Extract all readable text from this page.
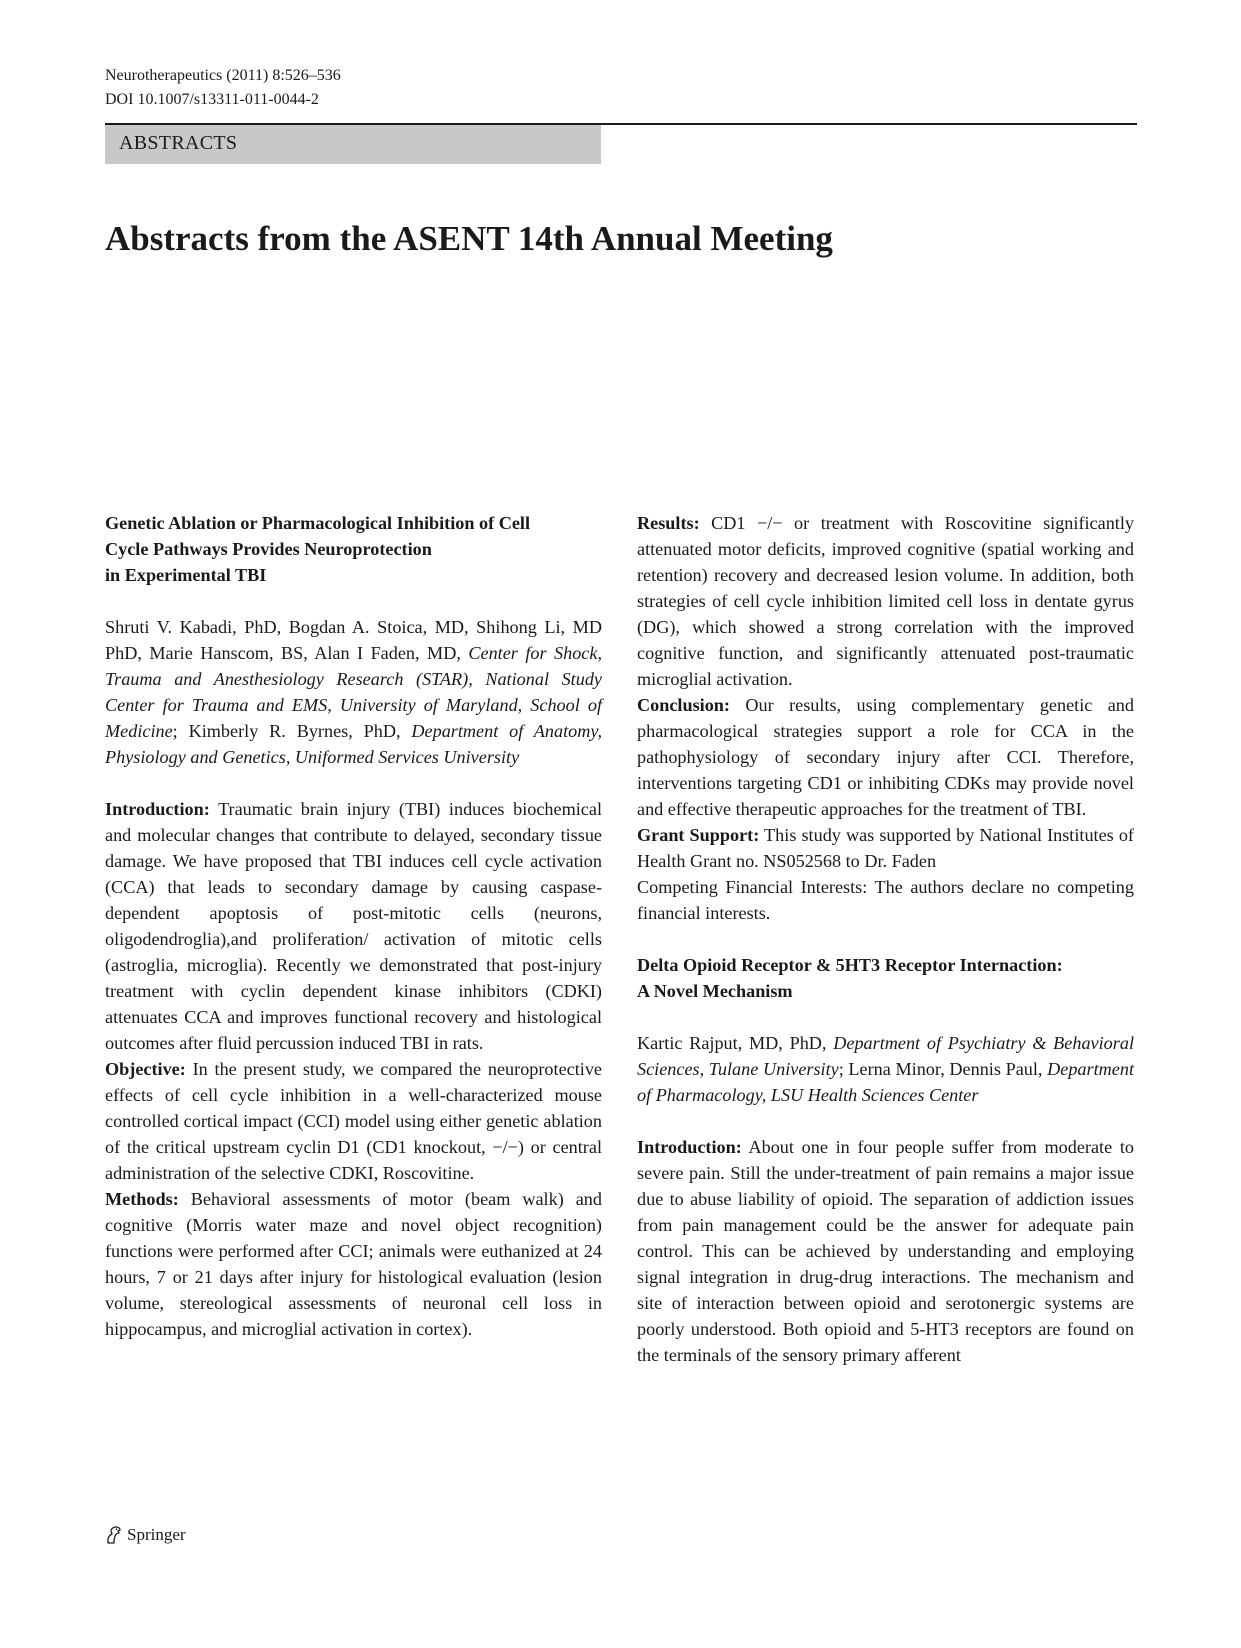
Neurotherapeutics (2011) 8:526–536
DOI 10.1007/s13311-011-0044-2
ABSTRACTS
Abstracts from the ASENT 14th Annual Meeting

Genetic Ablation or Pharmacological Inhibition of Cell
Cycle Pathways Provides Neuroprotection
in Experimental TBI

Shruti V. Kabadi, PhD, Bogdan A. Stoica, MD, Shihong Li, MD PhD, Marie Hanscom, BS, Alan I Faden, MD, Center for Shock, Trauma and Anesthesiology Research (STAR), National Study Center for Trauma and EMS, University of Maryland, School of Medicine; Kimberly R. Byrnes, PhD, Department of Anatomy, Physiology and Genetics, Uniformed Services University

Introduction: Traumatic brain injury (TBI) induces biochemical and molecular changes that contribute to delayed, secondary tissue damage. We have proposed that TBI induces cell cycle activation (CCA) that leads to secondary damage by causing caspase-dependent apoptosis of post-mitotic cells (neurons, oligodendroglia),and proliferation/ activation of mitotic cells (astroglia, microglia). Recently we demonstrated that post-injury treatment with cyclin dependent kinase inhibitors (CDKI) attenuates CCA and improves functional recovery and histological outcomes after fluid percussion induced TBI in rats.

Objective: In the present study, we compared the neuroprotective effects of cell cycle inhibition in a well-characterized mouse controlled cortical impact (CCI) model using either genetic ablation of the critical upstream cyclin D1 (CD1 knockout, −/−) or central administration of the selective CDKI, Roscovitine.

Methods: Behavioral assessments of motor (beam walk) and cognitive (Morris water maze and novel object recognition) functions were performed after CCI; animals were euthanized at 24 hours, 7 or 21 days after injury for histological evaluation (lesion volume, stereological assessments of neuronal cell loss in hippocampus, and microglial activation in cortex).

Results: CD1 −/− or treatment with Roscovitine significantly attenuated motor deficits, improved cognitive (spatial working and retention) recovery and decreased lesion volume. In addition, both strategies of cell cycle inhibition limited cell loss in dentate gyrus (DG), which showed a strong correlation with the improved cognitive function, and significantly attenuated post-traumatic microglial activation.

Conclusion: Our results, using complementary genetic and pharmacological strategies support a role for CCA in the pathophysiology of secondary injury after CCI. Therefore, interventions targeting CD1 or inhibiting CDKs may provide novel and effective therapeutic approaches for the treatment of TBI.

Grant Support: This study was supported by National Institutes of Health Grant no. NS052568 to Dr. Faden

Competing Financial Interests: The authors declare no competing financial interests.

Delta Opioid Receptor & 5HT3 Receptor Internaction:
A Novel Mechanism

Kartic Rajput, MD, PhD, Department of Psychiatry & Behavioral Sciences, Tulane University; Lerna Minor, Dennis Paul, Department of Pharmacology, LSU Health Sciences Center

Introduction: About one in four people suffer from moderate to severe pain. Still the under-treatment of pain remains a major issue due to abuse liability of opioid. The separation of addiction issues from pain management could be the answer for adequate pain control. This can be achieved by understanding and employing signal integration in drug-drug interactions. The mechanism and site of interaction between opioid and serotonergic systems are poorly understood. Both opioid and 5-HT3 receptors are found on the terminals of the sensory primary afferent

Springer
